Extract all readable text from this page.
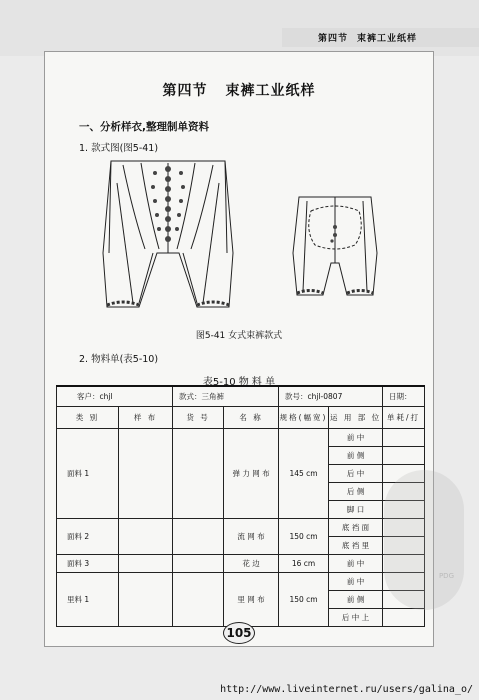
第四节 束裤工业纸样
第四节 束裤工业纸样
一、分析样衣,整理制单资料
1. 款式图(图5-41)
图5-41 女式束裤款式
2. 物料单(表5-10)
表5-10 物 料 单
客户：chjl		款式：三角裤		款号：chjl-0807		日期：
类 别	样 布	货 号	名 称	规格(幅宽)	运 用 部 位	单耗/打
面料 1			弹 力 网 布	145 cm	前 中	
					前 侧	
					后 中	
					后 侧	
					脚 口	
面料 2			流 网 布	150 cm	底 裆 面	
					底 裆 里	
面料 3			花 边	16 cm	前 中	
里料 1			里 网 布	150 cm	前 中	
					前 侧	
					后 中 上	
105
PDG
http://www.liveinternet.ru/users/galina_o/
